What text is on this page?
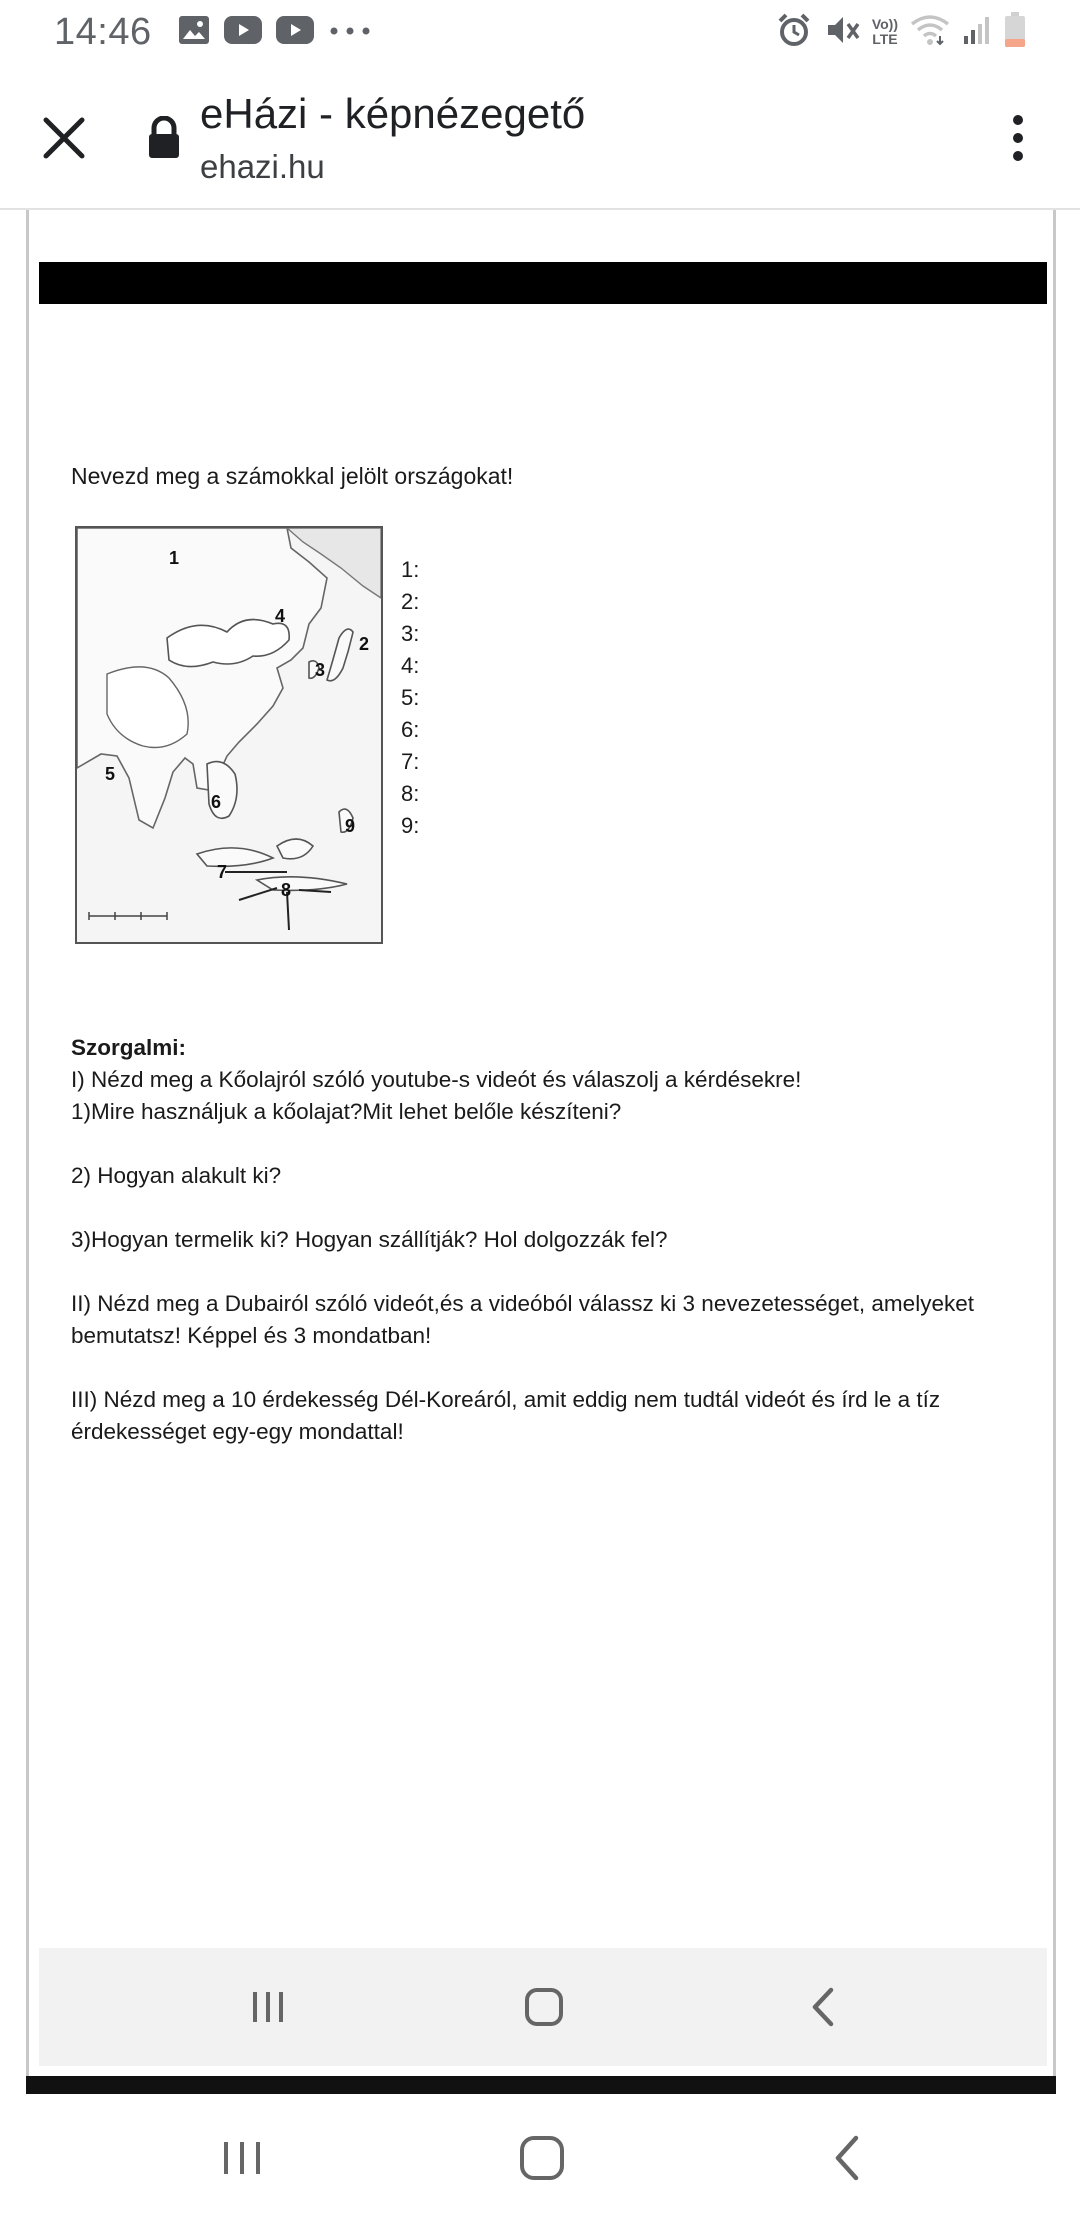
14:46	Vo))
LTE
eHázi - képnézegető
ehazi.hu
Nevezd meg a számokkal jelölt országokat!
1
2
3
4
5
6
7
8
9
1:
2:
3:
4:
5:
6:
7:
8:
9:
Szorgalmi:
I) Nézd meg a Kőolajról szóló youtube-s videót és válaszolj a kérdésekre!
1)Mire használjuk a kőolajat?Mit lehet belőle készíteni?
2) Hogyan alakult ki?
3)Hogyan termelik ki? Hogyan szállítják? Hol dolgozzák fel?
II) Nézd meg a Dubairól szóló videót,és a videóból válassz ki 3 nevezetességet, amelyeket
bemutatsz! Képpel és 3 mondatban!
III) Nézd meg a 10 érdekesség Dél-Koreáról, amit eddig nem tudtál videót és írd le a tíz
érdekességet egy-egy mondattal!
